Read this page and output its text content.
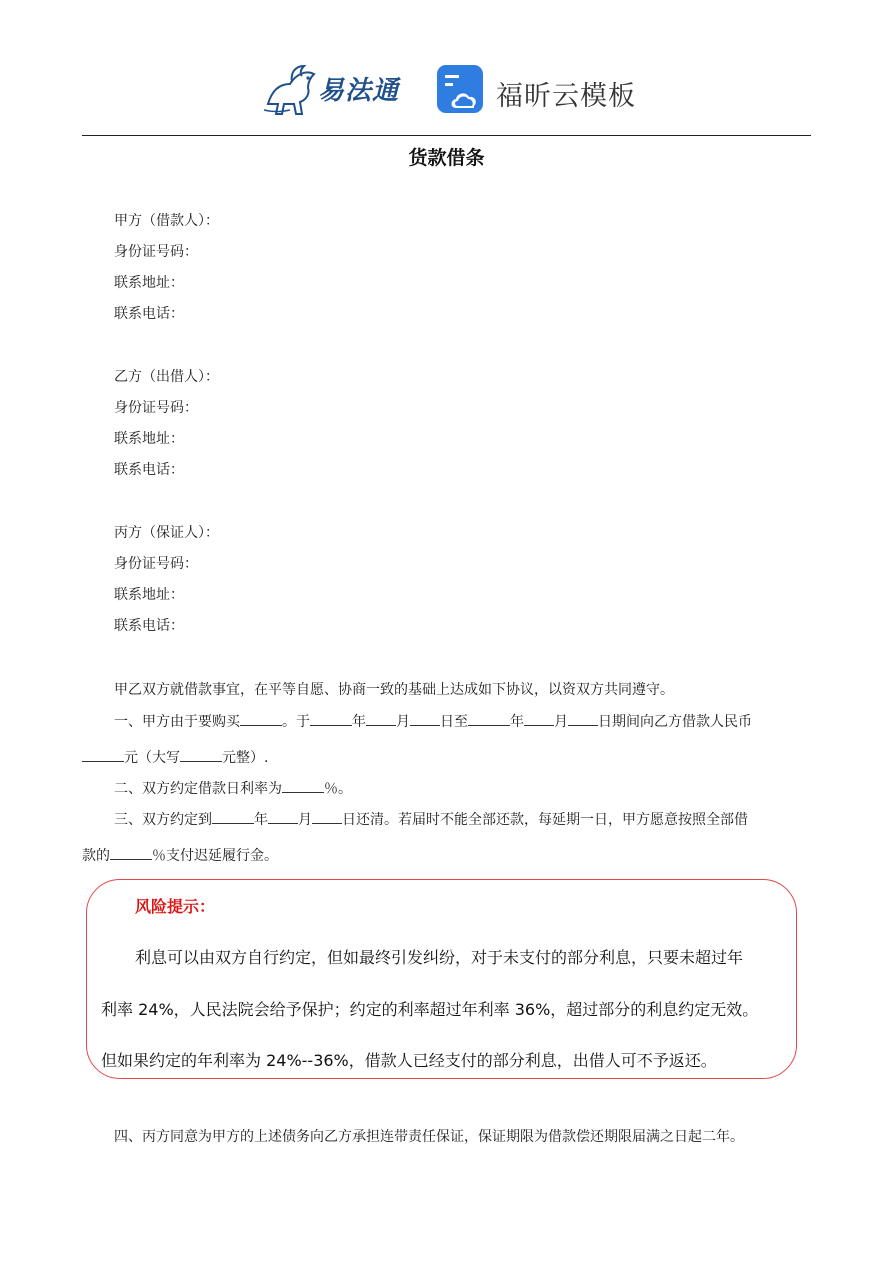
易法通	福昕云模板
货款借条
甲方（借款人）：
身份证号码：
联系地址：
联系电话：
乙方（出借人）：
身份证号码：
联系地址：
联系电话：
丙方（保证人）：
身份证号码：
联系地址：
联系电话：
甲乙双方就借款事宜，在平等自愿、协商一致的基础上达成如下协议，以资双方共同遵守。
一、甲方由于要购买	。于	年 月 日至	年 月 日期间向乙方借款人民币
元（大写	元整）.
二、双方约定借款日利率为	％。
三、双方约定到	年 月 日还清。若届时不能全部还款，每延期一日，甲方愿意按照全部借
款的	％支付迟延履行金。
风险提示：
利息可以由双方自行约定，但如最终引发纠纷，对于未支付的部分利息，只要未超过年
利率 24%，人民法院会给予保护；约定的利率超过年利率 36%，超过部分的利息约定无效。
但如果约定的年利率为 24%--36%，借款人已经支付的部分利息，出借人可不予返还。
四、丙方同意为甲方的上述债务向乙方承担连带责任保证，保证期限为借款偿还期限届满之日起二年。
